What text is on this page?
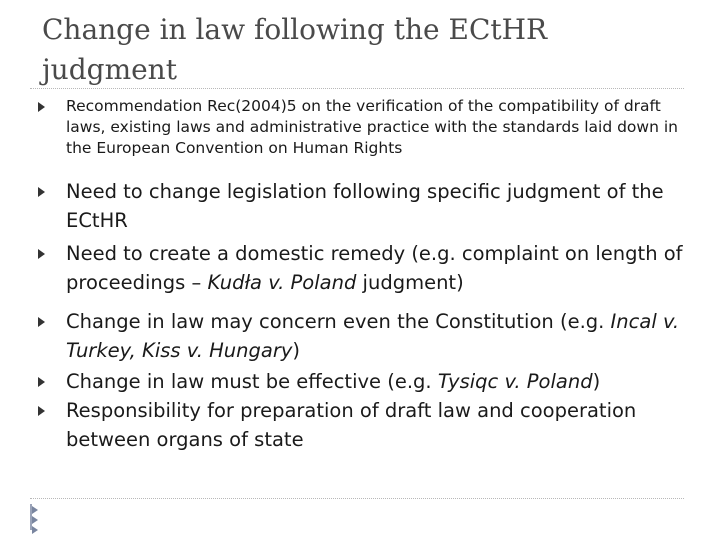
Change in law following the ECtHR judgment
Recommendation Rec(2004)5 on the verification of the compatibility of draft laws, existing laws and administrative practice with the standards laid down in the European Convention on Human Rights
Need to change legislation following specific judgment of the ECtHR
Need to create a domestic remedy (e.g. complaint on length of proceedings – Kudła v. Poland judgment)
Change in law may concern even the Constitution (e.g. Incal v. Turkey, Kiss v. Hungary)
Change in law must be effective (e.g. Tysiqc v. Poland)
Responsibility for preparation of draft law and cooperation between organs of state
